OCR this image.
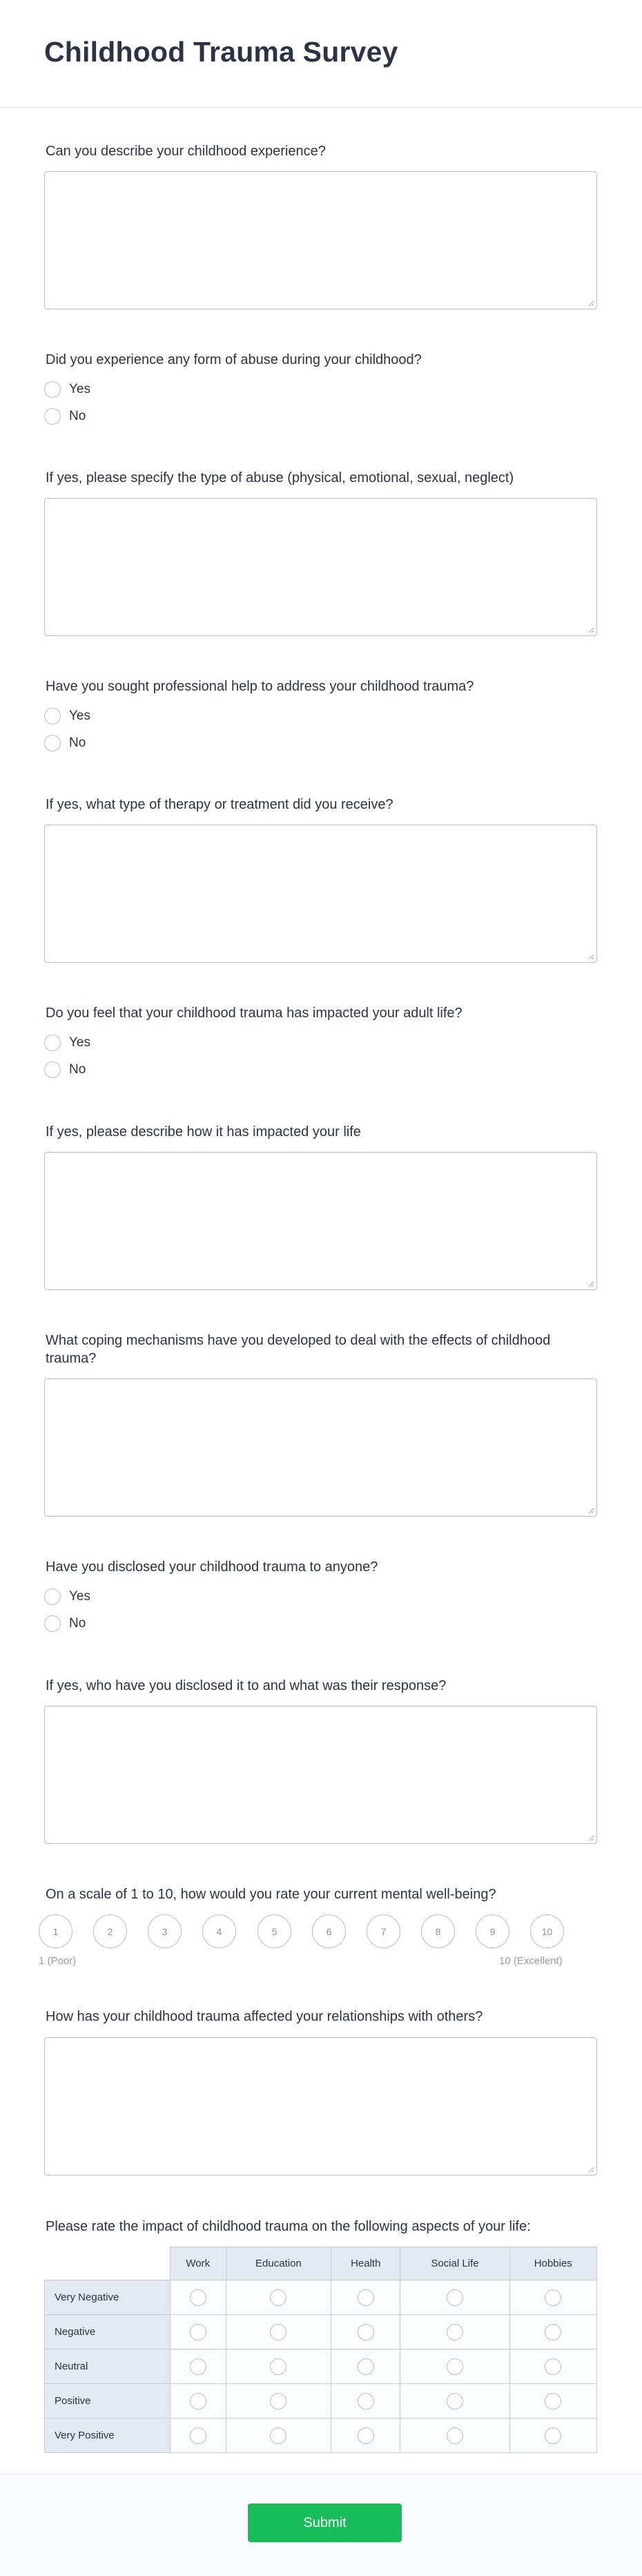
Childhood Trauma Survey
Can you describe your childhood experience?
Did you experience any form of abuse during your childhood?
Yes
No
If yes, please specify the type of abuse (physical, emotional, sexual, neglect)
Have you sought professional help to address your childhood trauma?
Yes
No
If yes, what type of therapy or treatment did you receive?
Do you feel that your childhood trauma has impacted your adult life?
Yes
No
If yes, please describe how it has impacted your life
What coping mechanisms have you developed to deal with the effects of childhood trauma?
Have you disclosed your childhood trauma to anyone?
Yes
No
If yes, who have you disclosed it to and what was their response?
On a scale of 1 to 10, how would you rate your current mental well-being?
1	2	3	4	5	6	7	8	9	10
1 (Poor)	10 (Excellent)
How has your childhood trauma affected your relationships with others?
Please rate the impact of childhood trauma on the following aspects of your life:
	Work	Education	Health	Social Life	Hobbies
Very Negative					
Negative					
Neutral					
Positive					
Very Positive					
Submit
